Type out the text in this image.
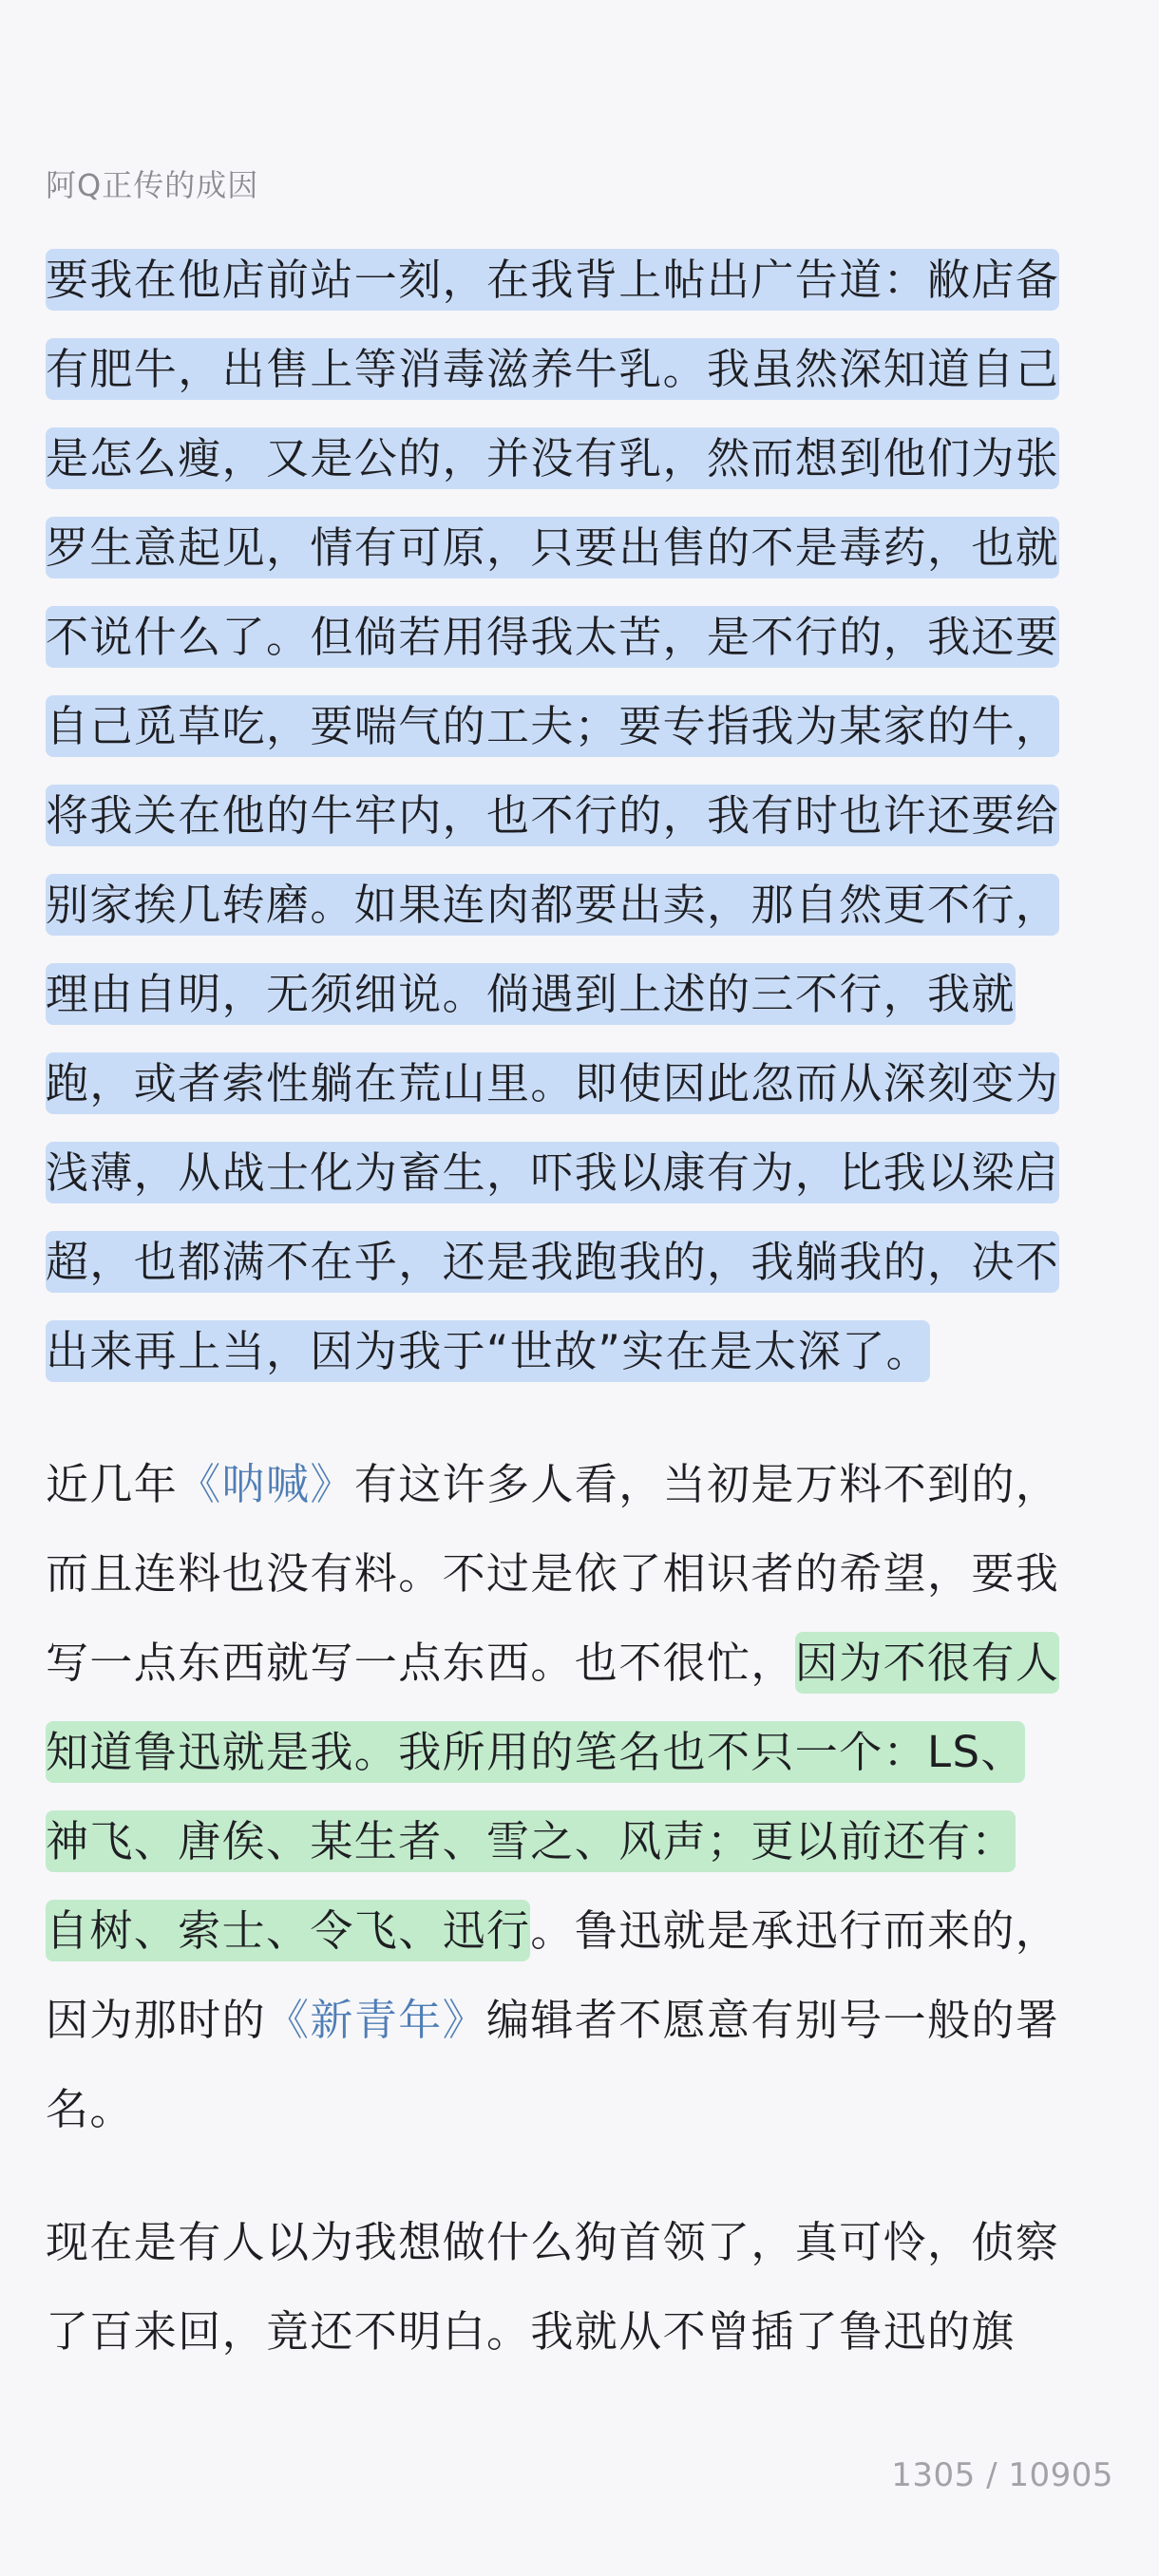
阿Q正传的成因
要我在他店前站一刻，在我背上帖出广告道：敝店备
有肥牛，出售上等消毒滋养牛乳。我虽然深知道自己
是怎么瘦，又是公的，并没有乳，然而想到他们为张
罗生意起见，情有可原，只要出售的不是毒药，也就
不说什么了。但倘若用得我太苦，是不行的，我还要
自己觅草吃，要喘气的工夫；要专指我为某家的牛，
将我关在他的牛牢内，也不行的，我有时也许还要给
别家挨几转磨。如果连肉都要出卖，那自然更不行，
理由自明，无须细说。倘遇到上述的三不行，我就
跑，或者索性躺在荒山里。即使因此忽而从深刻变为
浅薄，从战士化为畜生，吓我以康有为，比我以梁启
超，也都满不在乎，还是我跑我的，我躺我的，决不
出来再上当，因为我于“世故”实在是太深了。
近几年《呐喊》有这许多人看，当初是万料不到的，
而且连料也没有料。不过是依了相识者的希望，要我
写一点东西就写一点东西。也不很忙，因为不很有人
知道鲁迅就是我。我所用的笔名也不只一个：LS、
神飞、唐俟、某生者、雪之、风声；更以前还有：
自树、索士、令飞、迅行。鲁迅就是承迅行而来的，
因为那时的《新青年》编辑者不愿意有别号一般的署
名。
现在是有人以为我想做什么狗首领了，真可怜，侦察
了百来回，竟还不明白。我就从不曾插了鲁迅的旗
1305 / 10905
